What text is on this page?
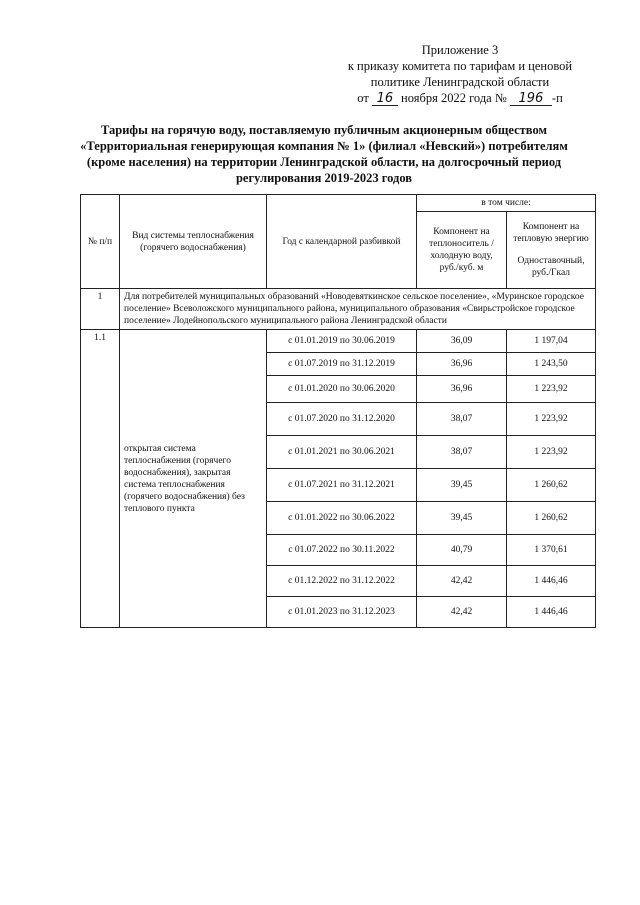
Приложение 3
к приказу комитета по тарифам и ценовой
политике Ленинградской области
от 16 ноября 2022 года № 196 -п
Тарифы на горячую воду, поставляемую публичным акционерным обществом «Территориальная генерирующая компания № 1» (филиал «Невский») потребителям (кроме населения) на территории Ленинградской области, на долгосрочный период регулирования 2019-2023 годов
№ п/п	Вид системы теплоснабжения (горячего водоснабжения)	Год с календарной разбивкой	в том числе:	
			Компонент на теплоноситель / холодную воду, руб./куб. м	Компонент на тепловую энергию
Одноставочный, руб./Гкал

1	Для потребителей муниципальных образований «Новодевяткинское сельское поселение», «Муринское городское поселение» Всеволожского муниципального района, муниципального образования «Свирьстройское городское поселение» Лодейнопольского муниципального района Ленинградской области			
1.1	открытая система теплоснабжения (горячего водоснабжения), закрытая система теплоснабжения (горячего водоснабжения) без теплового пункта	с 01.01.2019 по 30.06.2019	36,09	1 197,04
		с 01.07.2019 по 31.12.2019	36,96	1 243,50
		с 01.01.2020 по 30.06.2020	36,96	1 223,92
		с 01.07.2020 по 31.12.2020	38,07	1 223,92
		с 01.01.2021 по 30.06.2021	38,07	1 223,92
		с 01.07.2021 по 31.12.2021	39,45	1 260,62
		с 01.01.2022 по 30.06.2022	39,45	1 260,62
		с 01.07.2022 по 30.11.2022	40,79	1 370,61
		с 01.12.2022 по 31.12.2022	42,42	1 446,46
		с 01.01.2023 по 31.12.2023	42,42	1 446,46
